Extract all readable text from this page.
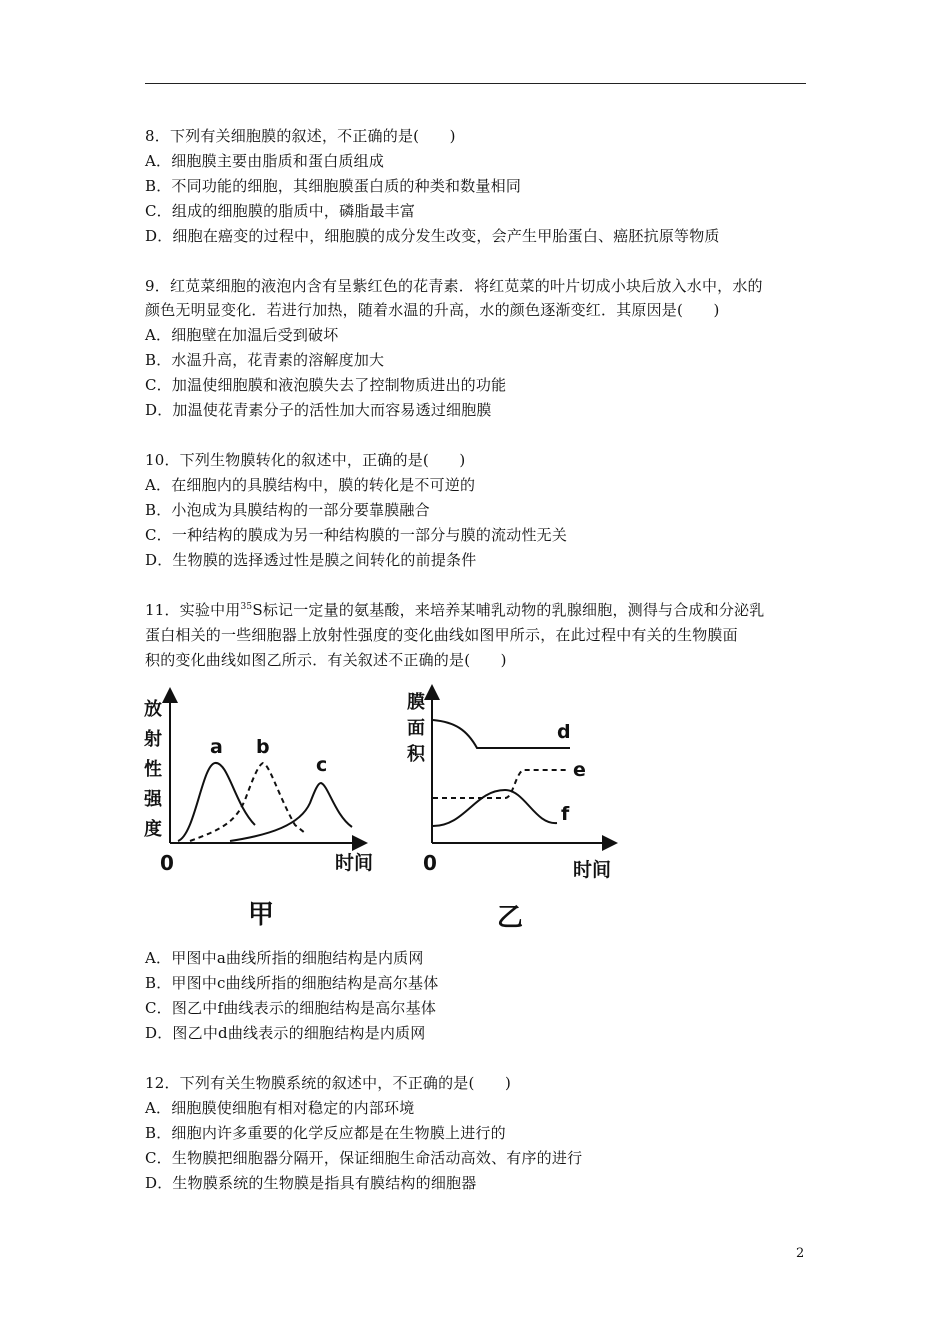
8．下列有关细胞膜的叙述，不正确的是(　　)
A．细胞膜主要由脂质和蛋白质组成
B．不同功能的细胞，其细胞膜蛋白质的种类和数量相同
C．组成的细胞膜的脂质中，磷脂最丰富
D．细胞在癌变的过程中，细胞膜的成分发生改变，会产生甲胎蛋白、癌胚抗原等物质
9．红苋菜细胞的液泡内含有呈紫红色的花青素．将红苋菜的叶片切成小块后放入水中，水的
颜色无明显变化．若进行加热，随着水温的升高，水的颜色逐渐变红．其原因是(　　)
A．细胞壁在加温后受到破坏
B．水温升高，花青素的溶解度加大
C．加温使细胞膜和液泡膜失去了控制物质进出的功能
D．加温使花青素分子的活性加大而容易透过细胞膜
10．下列生物膜转化的叙述中，正确的是(　　)
A．在细胞内的具膜结构中，膜的转化是不可逆的
B．小泡成为具膜结构的一部分要靠膜融合
C．一种结构的膜成为另一种结构膜的一部分与膜的流动性无关
D．生物膜的选择透过性是膜之间转化的前提条件
11．实验中用$^{35}$S标记一定量的氨基酸，来培养某哺乳动物的乳腺细胞，测得与合成和分泌乳
蛋白相关的一些细胞器上放射性强度的变化曲线如图甲所示，在此过程中有关的生物膜面
积的变化曲线如图乙所示．有关叙述不正确的是(　　)
放
射
性
强
度
0	时间
a b
c
甲
膜
面
积
0	时间
d
e
f
乙
A．甲图中a曲线所指的细胞结构是内质网
B．甲图中c曲线所指的细胞结构是高尔基体
C．图乙中f曲线表示的细胞结构是高尔基体
D．图乙中d曲线表示的细胞结构是内质网
12．下列有关生物膜系统的叙述中，不正确的是(　　)
A．细胞膜使细胞有相对稳定的内部环境
B．细胞内许多重要的化学反应都是在生物膜上进行的
C．生物膜把细胞器分隔开，保证细胞生命活动高效、有序的进行
D．生物膜系统的生物膜是指具有膜结构的细胞器
2
